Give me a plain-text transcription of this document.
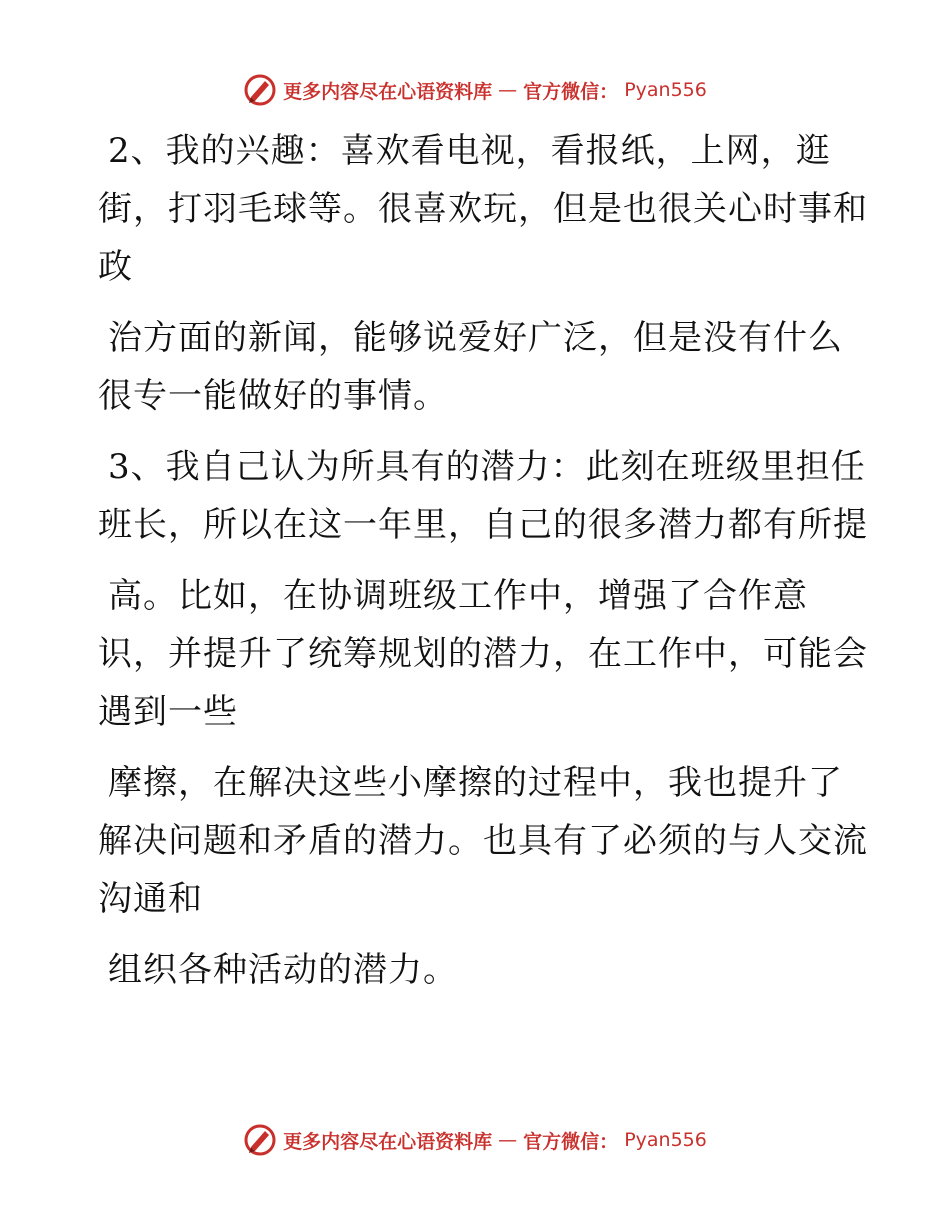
更多内容尽在心语资料库 — 官方微信： Pyan556
2、我的兴趣：喜欢看电视，看报纸，上网，逛
街，打羽毛球等。很喜欢玩，但是也很关心时事和
政
治方面的新闻，能够说爱好广泛，但是没有什么
很专一能做好的事情。
3、我自己认为所具有的潜力：此刻在班级里担任
班长，所以在这一年里，自己的很多潜力都有所提
高。比如，在协调班级工作中，增强了合作意
识，并提升了统筹规划的潜力，在工作中，可能会
遇到一些
摩擦，在解决这些小摩擦的过程中，我也提升了
解决问题和矛盾的潜力。也具有了必须的与人交流
沟通和
组织各种活动的潜力。
更多内容尽在心语资料库 — 官方微信： Pyan556
